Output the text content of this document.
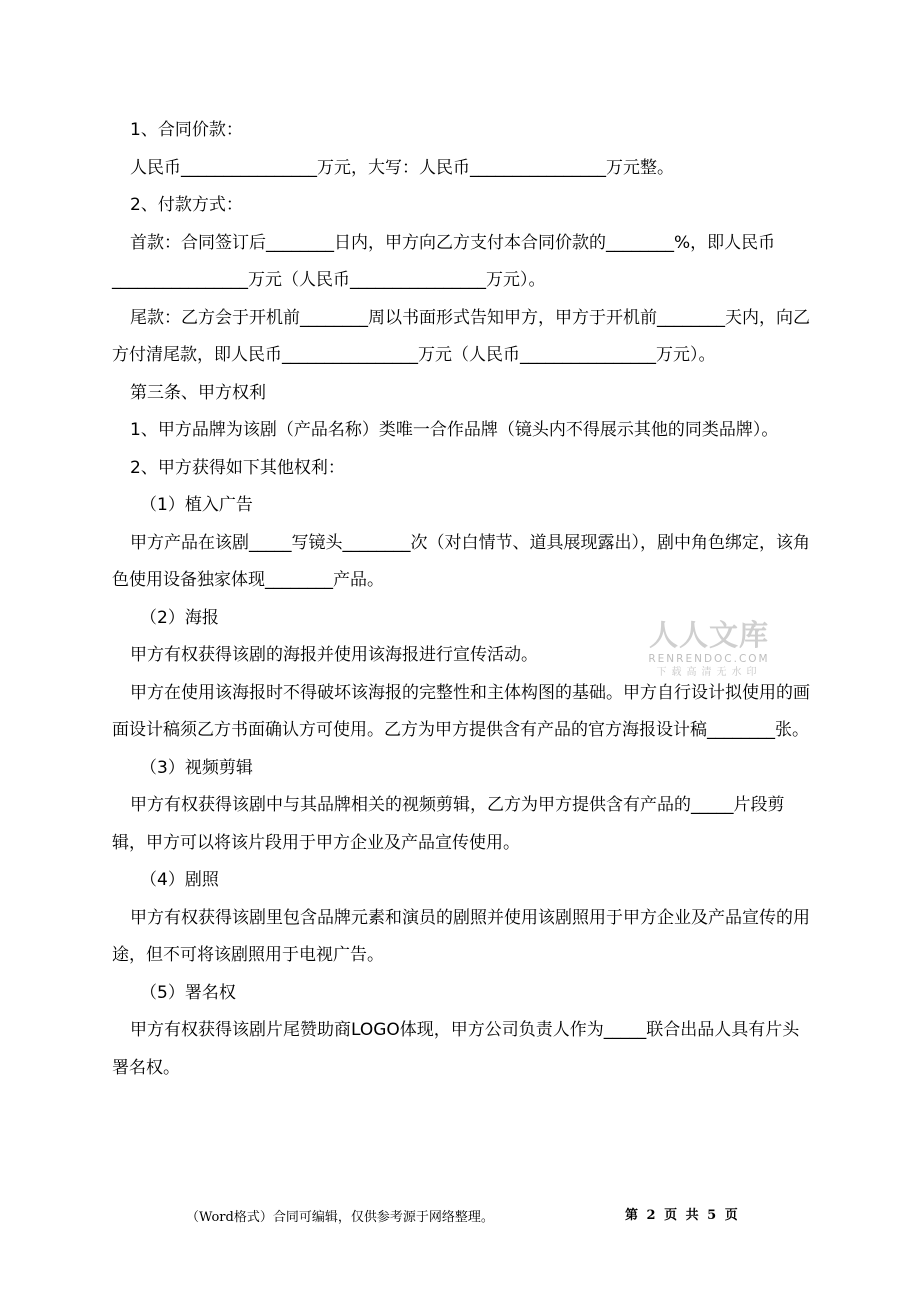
1、合同价款：

人民币________________万元，大写：人民币________________万元整。

2、付款方式：

首款：合同签订后________日内，甲方向乙方支付本合同价款的________%，即人民币________________万元（人民币________________万元）。

尾款：乙方会于开机前________周以书面形式告知甲方，甲方于开机前________天内，向乙方付清尾款，即人民币________________万元（人民币________________万元）。

第三条、甲方权利

1、甲方品牌为该剧（产品名称）类唯一合作品牌（镜头内不得展示其他的同类品牌）。

2、甲方获得如下其他权利：

（1）植入广告

甲方产品在该剧_____写镜头________次（对白情节、道具展现露出），剧中角色绑定，该角色使用设备独家体现________产品。

（2）海报

甲方有权获得该剧的海报并使用该海报进行宣传活动。

甲方在使用该海报时不得破坏该海报的完整性和主体构图的基础。甲方自行设计拟使用的画面设计稿须乙方书面确认方可使用。乙方为甲方提供含有产品的官方海报设计稿________张。

（3）视频剪辑

甲方有权获得该剧中与其品牌相关的视频剪辑，乙方为甲方提供含有产品的_____片段剪辑，甲方可以将该片段用于甲方企业及产品宣传使用。

（4）剧照

甲方有权获得该剧里包含品牌元素和演员的剧照并使用该剧照用于甲方企业及产品宣传的用途，但不可将该剧照用于电视广告。

（5）署名权

甲方有权获得该剧片尾赞助商LOGO体现，甲方公司负责人作为_____联合出品人具有片头署名权。

人人文库
RENRENDOC.COM
下载高清无水印
（Word格式）合同可编辑，仅供参考源于网络整理。	第 2 页 共 5 页
